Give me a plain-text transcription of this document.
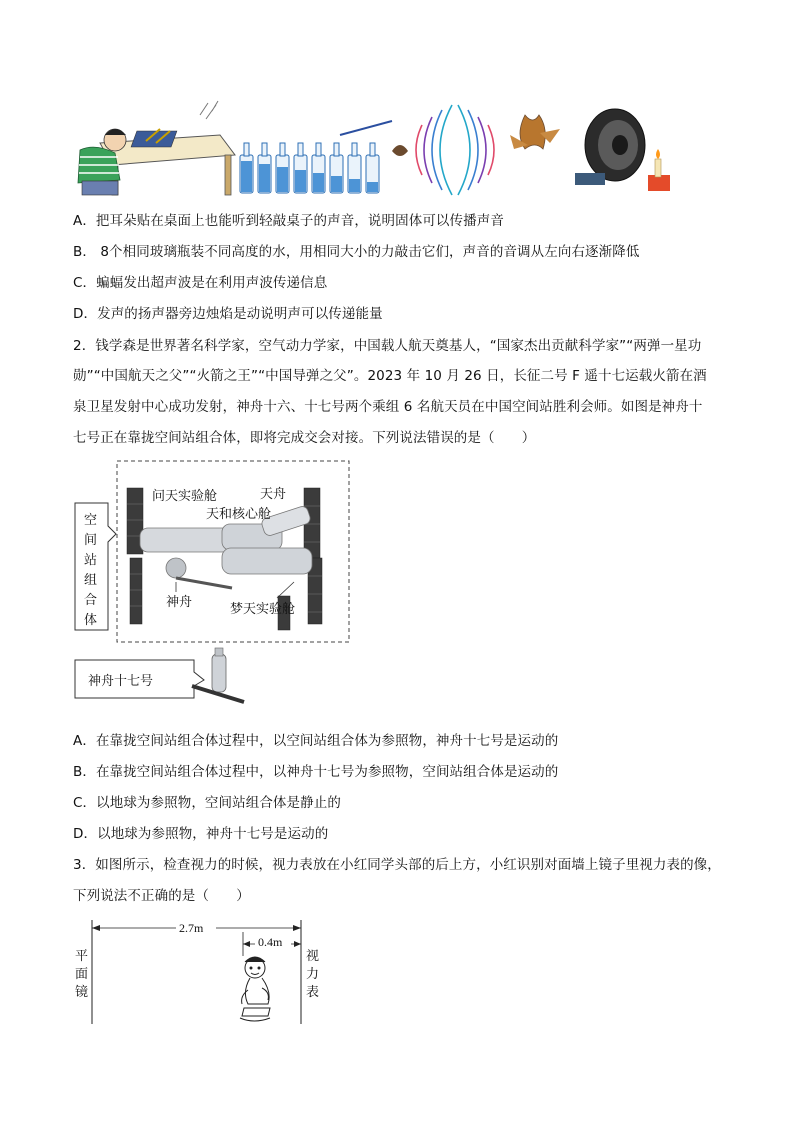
A．把耳朵贴在桌面上也能听到轻敲桌子的声音，说明固体可以传播声音
B． 8个相同玻璃瓶装不同高度的水，用相同大小的力敲击它们，声音的音调从左向右逐渐降低
C．蝙蝠发出超声波是在利用声波传递信息
D．发声的扬声器旁边烛焰是动说明声可以传递能量
2．钱学森是世界著名科学家，空气动力学家，中国载人航天奠基人，“国家杰出贡献科学家”“两弹一星功
勋”“中国航天之父”“火箭之王”“中国导弹之父”。2023 年 10 月 26 日，长征二号 F 遥十七运载火箭在酒
泉卫星发射中心成功发射，神舟十六、十七号两个乘组 6 名航天员在中国空间站胜利会师。如图是神舟十
七号正在靠拢空间站组合体，即将完成交会对接。下列说法错误的是（　　）
空
间
站
组
合
体
问天实验舱	天舟
天和核心舱
神舟	梦天实验舱
神舟十七号
A．在靠拢空间站组合体过程中，以空间站组合体为参照物，神舟十七号是运动的
B．在靠拢空间站组合体过程中，以神舟十七号为参照物，空间站组合体是运动的
C．以地球为参照物，空间站组合体是静止的
D．以地球为参照物，神舟十七号是运动的
3．如图所示，检查视力的时候，视力表放在小红同学头部的后上方，小红识别对面墙上镜子里视力表的像，
下列说法不正确的是（　　）
2.7m
0.4m
平
面
镜
视
力
表
